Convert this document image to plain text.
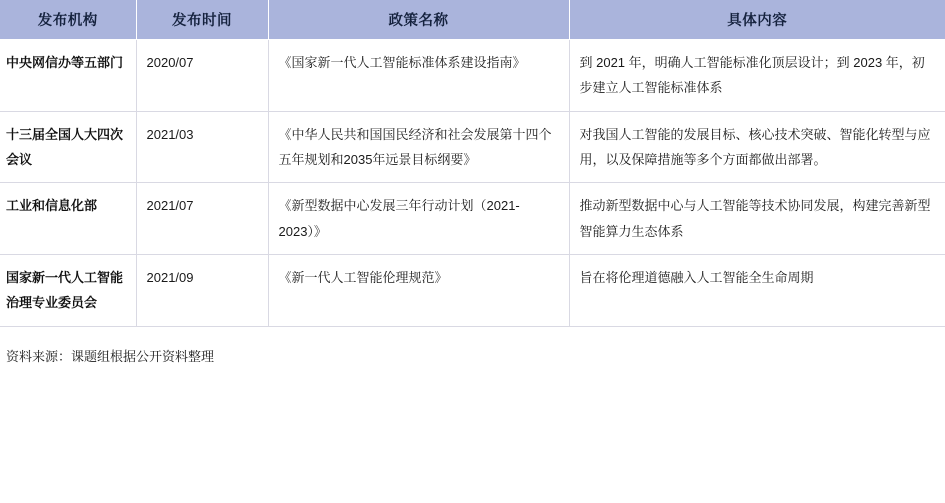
发布机构	发布时间	政策名称	具体内容
中央网信办等五部门	2020/07	《国家新一代人工智能标准体系建设指南》	到 2021 年，明确人工智能标准化顶层设计；到 2023 年，初步建立人工智能标准体系
十三届全国人大四次会议	2021/03	《中华人民共和国国民经济和社会发展第十四个五年规划和2035年远景目标纲要》	对我国人工智能的发展目标、核心技术突破、智能化转型与应用，以及保障措施等多个方面都做出部署。
工业和信息化部	2021/07	《新型数据中心发展三年行动计划（2021-2023）》	推动新型数据中心与人工智能等技术协同发展，构建完善新型智能算力生态体系
国家新一代人工智能治理专业委员会	2021/09	《新一代人工智能伦理规范》	旨在将伦理道德融入人工智能全生命周期
资料来源：课题组根据公开资料整理
